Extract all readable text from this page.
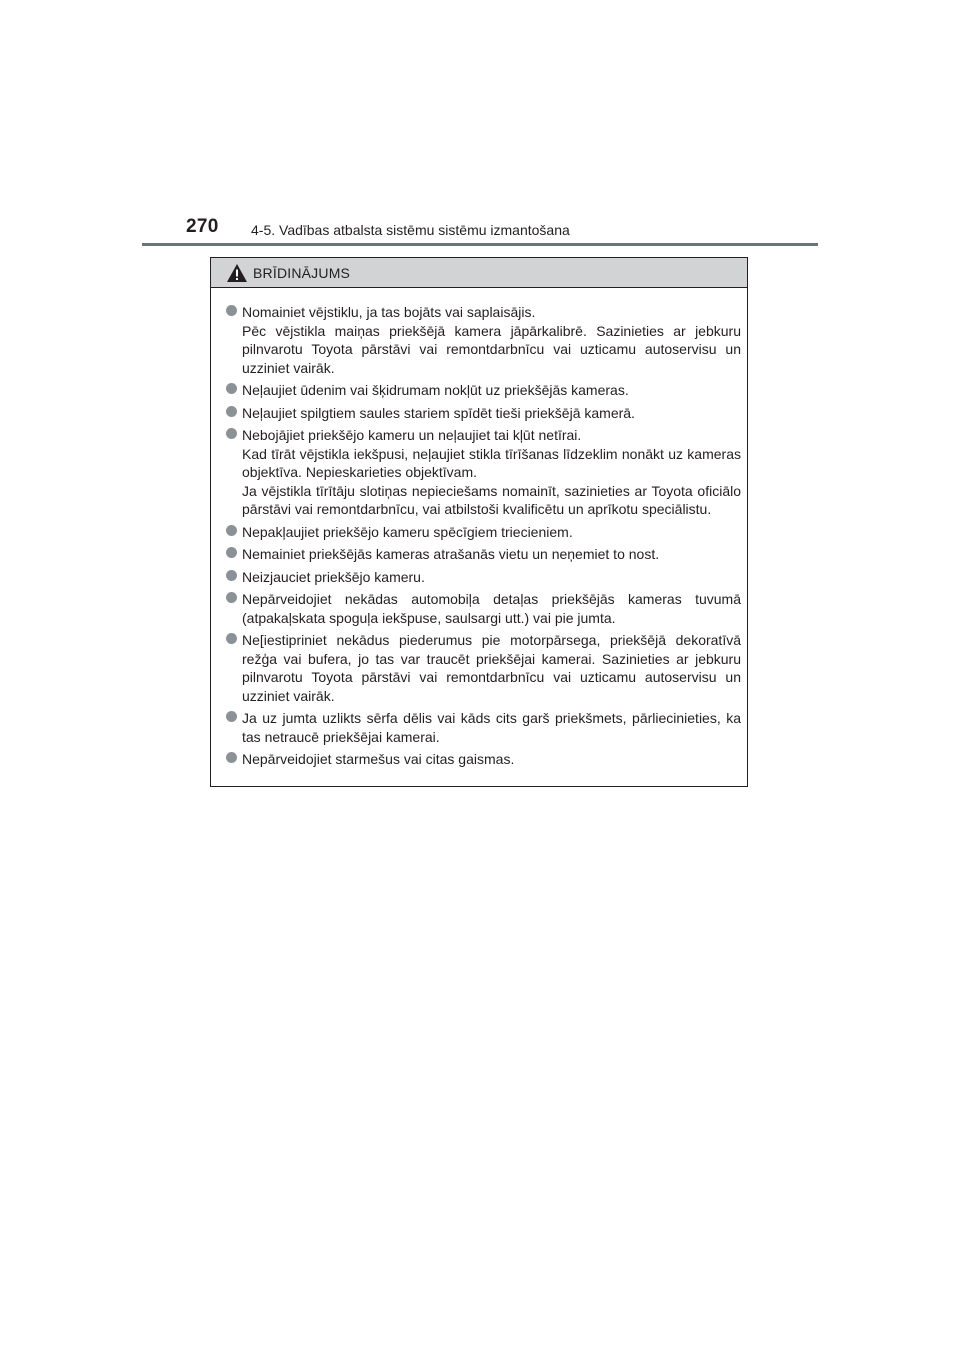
270 4-5. Vadības atbalsta sistēmu sistēmu izmantošana
BRĪDINĀJUMS
Nomainiet vējstiklu, ja tas bojāts vai saplaisājis.
Pēc vējstikla maiņas priekšējā kamera jāpārkalibrē. Sazinieties ar jebkuru pilnvarotu Toyota pārstāvi vai remontdarbnīcu vai uzticamu autoservisu un uzziniet vairāk.
Neļaujiet ūdenim vai šķidrumam nokļūt uz priekšējās kameras.
Neļaujiet spilgtiem saules stariem spīdēt tieši priekšējā kamerā.
Nebojājiet priekšējo kameru un neļaujiet tai kļūt netīrai.
Kad tīrāt vējstikla iekšpusi, neļaujiet stikla tīrīšanas līdzeklim nonākt uz kameras objektīva. Nepieskarieties objektīvam.
Ja vējstikla tīrītāju slotiņas nepieciešams nomainīt, sazinieties ar Toyota oficiālo pārstāvi vai remontdarbnīcu, vai atbilstoši kvalificētu un aprīkotu speciālistu.
Nepakļaujiet priekšējo kameru spēcīgiem triecieniem.
Nemainiet priekšējās kameras atrašanās vietu un neņemiet to nost.
Neizjauciet priekšējo kameru.
Nepārveidojiet nekādas automobiļa detaļas priekšējās kameras tuvumā (atpakaļskata spoguļa iekšpuse, saulsargi utt.) vai pie jumta.
Ne[iestipriniet nekādus piederumus pie motorpārsega, priekšējā dekoratīvā režģa vai bufera, jo tas var traucēt priekšējai kamerai. Sazinieties ar jebkuru pilnvarotu Toyota pārstāvi vai remontdarbnīcu vai uzticamu autoservisu un uzziniet vairāk.
Ja uz jumta uzlikts sērfa dēlis vai kāds cits garš priekšmets, pārliecinieties, ka tas netraucē priekšējai kamerai.
Nepārveidojiet starmešus vai citas gaismas.
